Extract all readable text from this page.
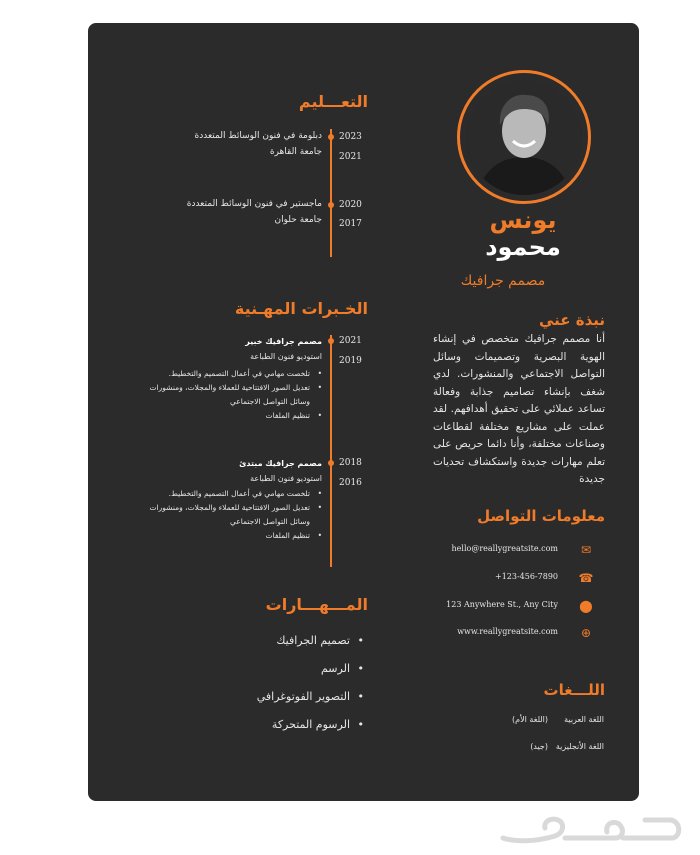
يونس
محمود
مصمم جرافيك
نبذة عني
أنا مصمم جرافيك متخصص في إنشاء الهوية البصرية وتصميمات وسائل التواصل الاجتماعي والمنشورات. لدي شغف بإنشاء تصاميم جذابة وفعالة تساعد عملائي على تحقيق أهدافهم. لقد عملت على مشاريع مختلفة لقطاعات وصناعات مختلفة، وأنا دائما حريص على تعلم مهارات جديدة واستكشاف تحديات جديدة
معلومات التواصل
✉
hello@reallygreatsite.com
☎
+123-456-7890
⬤
123 Anywhere St., Any City
⊕
www.reallygreatsite.com
اللـــغات
اللغة العربية
(اللغة الأم)
اللغة الأنجليزية
(جيد)
التعـــليم
2023
2021
دبلومة في فنون الوسائط المتعددة
جامعة القاهرة
2020
2017
ماجستير في فنون الوسائط المتعددة
جامعة حلوان
الخـبرات المهـنية
2021
2019
مصمم جرافيك خبير
استوديو فنون الطباعة
• تلخصت مهامي في أعمال التصميم والتخطيط.
• تعديل الصور الافتتاحية للعملاء والمجلات، ومنشورات وسائل التواصل الاجتماعي
• تنظيم الملفات
2018
2016
مصمم جرافيك مبتدئ
استوديو فنون الطباعة
• تلخصت مهامي في أعمال التصميم والتخطيط.
• تعديل الصور الافتتاحية للعملاء والمجلات، ومنشورات وسائل التواصل الاجتماعي
• تنظيم الملفات
المـــهـــارات
• تصميم الجرافيك
• الرسم
• التصوير الفوتوغرافي
• الرسوم المتحركة
